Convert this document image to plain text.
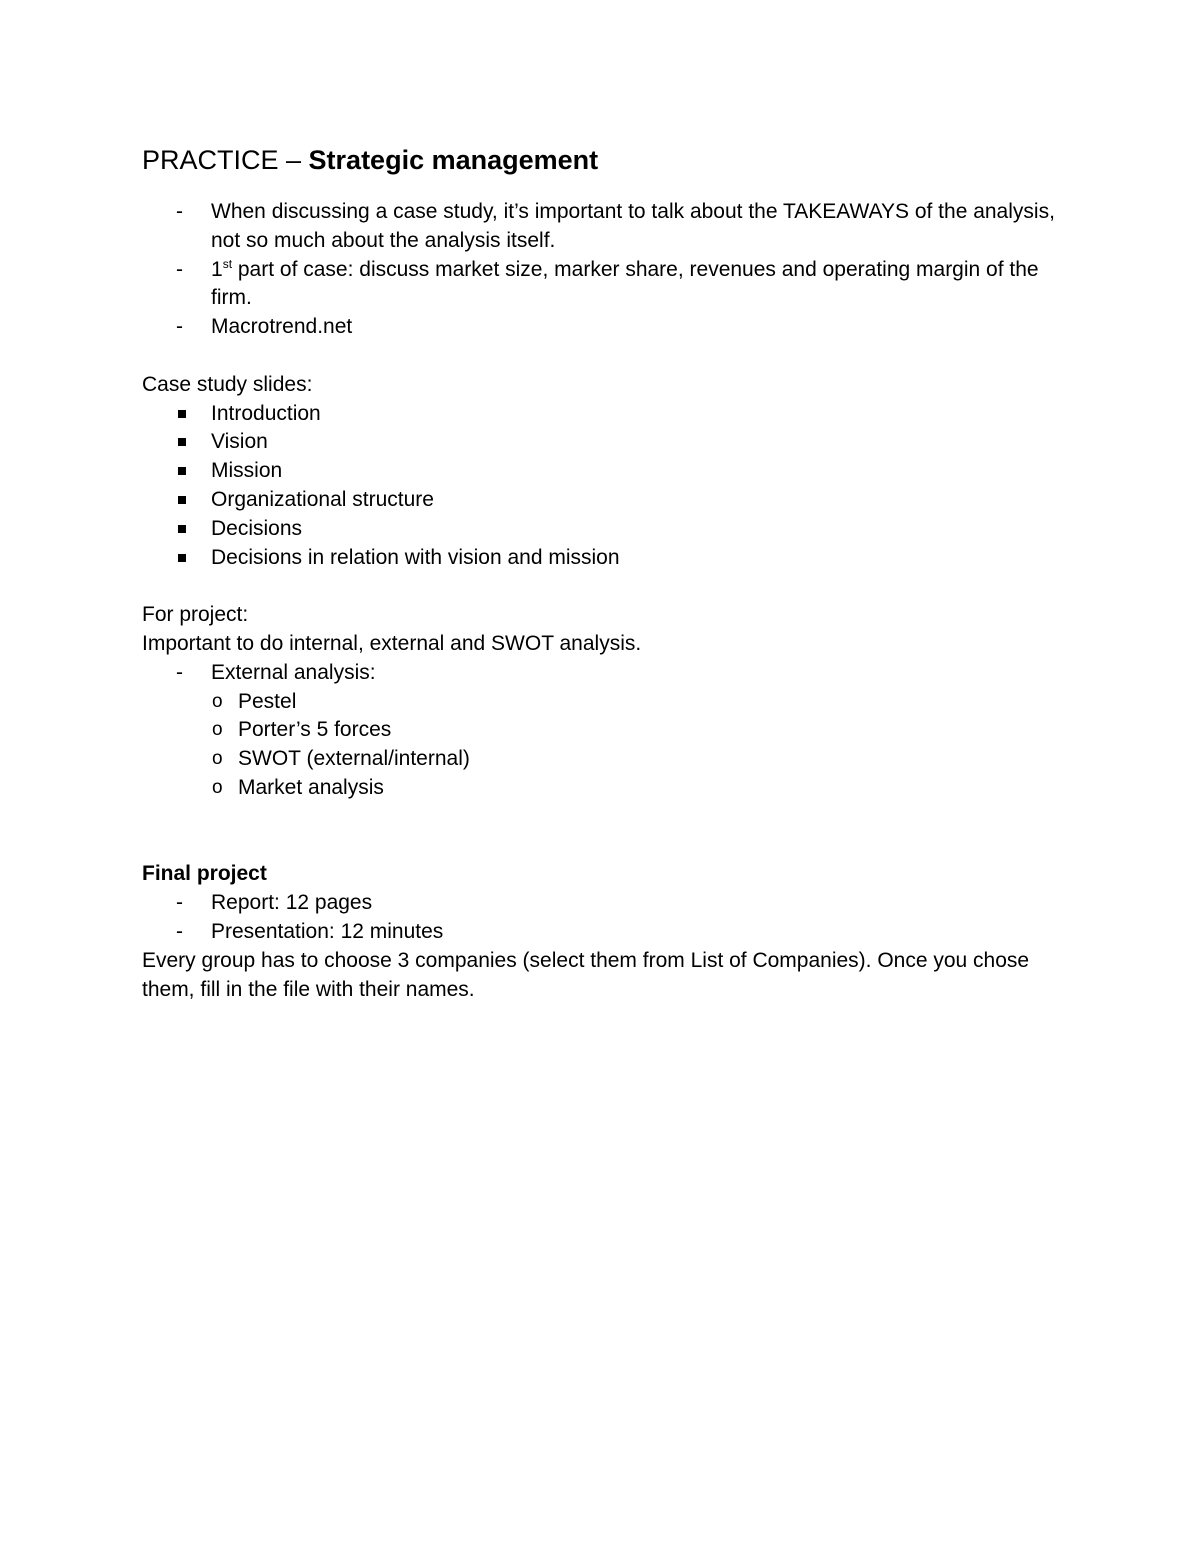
PRACTICE – Strategic management
- When discussing a case study, it’s important to talk about the TAKEAWAYS of the analysis, not so much about the analysis itself.
- 1st part of case: discuss market size, marker share, revenues and operating margin of the firm.
- Macrotrend.net

Case study slides:

Introduction
Vision
Mission
Organizational structure
Decisions
Decisions in relation with vision and mission

For project:

Important to do internal, external and SWOT analysis.

- External analysis:
o Pestel
o Porter’s 5 forces
o SWOT (external/internal)
o Market analysis

Final project

- Report: 12 pages
- Presentation: 12 minutes

Every group has to choose 3 companies (select them from List of Companies). Once you chose them, fill in the file with their names.
